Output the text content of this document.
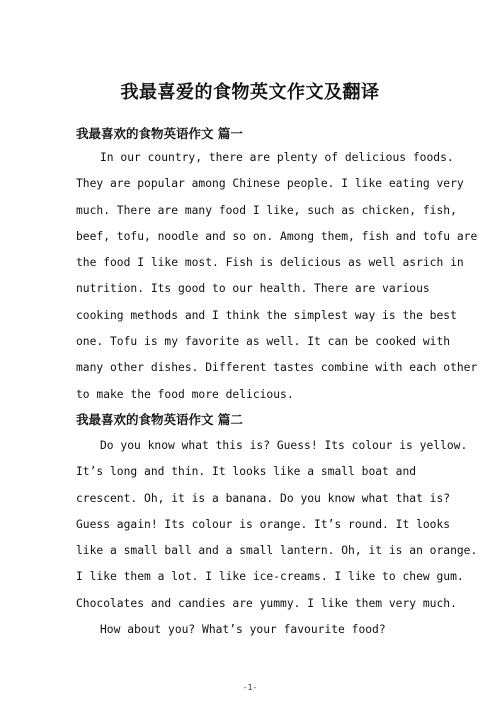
我最喜爱的食物英文作文及翻译
我最喜欢的食物英语作文 篇一
In our country, there are plenty of delicious foods.
They are popular among Chinese people. I like eating very
much. There are many food I like, such as chicken, fish,
beef, tofu, noodle and so on. Among them, fish and tofu are
the food I like most. Fish is delicious as well asrich in
nutrition. Its good to our health. There are various
cooking methods and I think the simplest way is the best
one. Tofu is my favorite as well. It can be cooked with
many other dishes. Different tastes combine with each other
to make the food more delicious.
我最喜欢的食物英语作文 篇二
Do you know what this is? Guess! Its colour is yellow.
It’s long and thin. It looks like a small boat and
crescent. Oh, it is a banana. Do you know what that is?
Guess again! Its colour is orange. It’s round. It looks
like a small ball and a small lantern. Oh, it is an orange.
I like them a lot. I like ice-creams. I like to chew gum.
Chocolates and candies are yummy. I like them very much.
How about you? What’s your favourite food?
-1-
